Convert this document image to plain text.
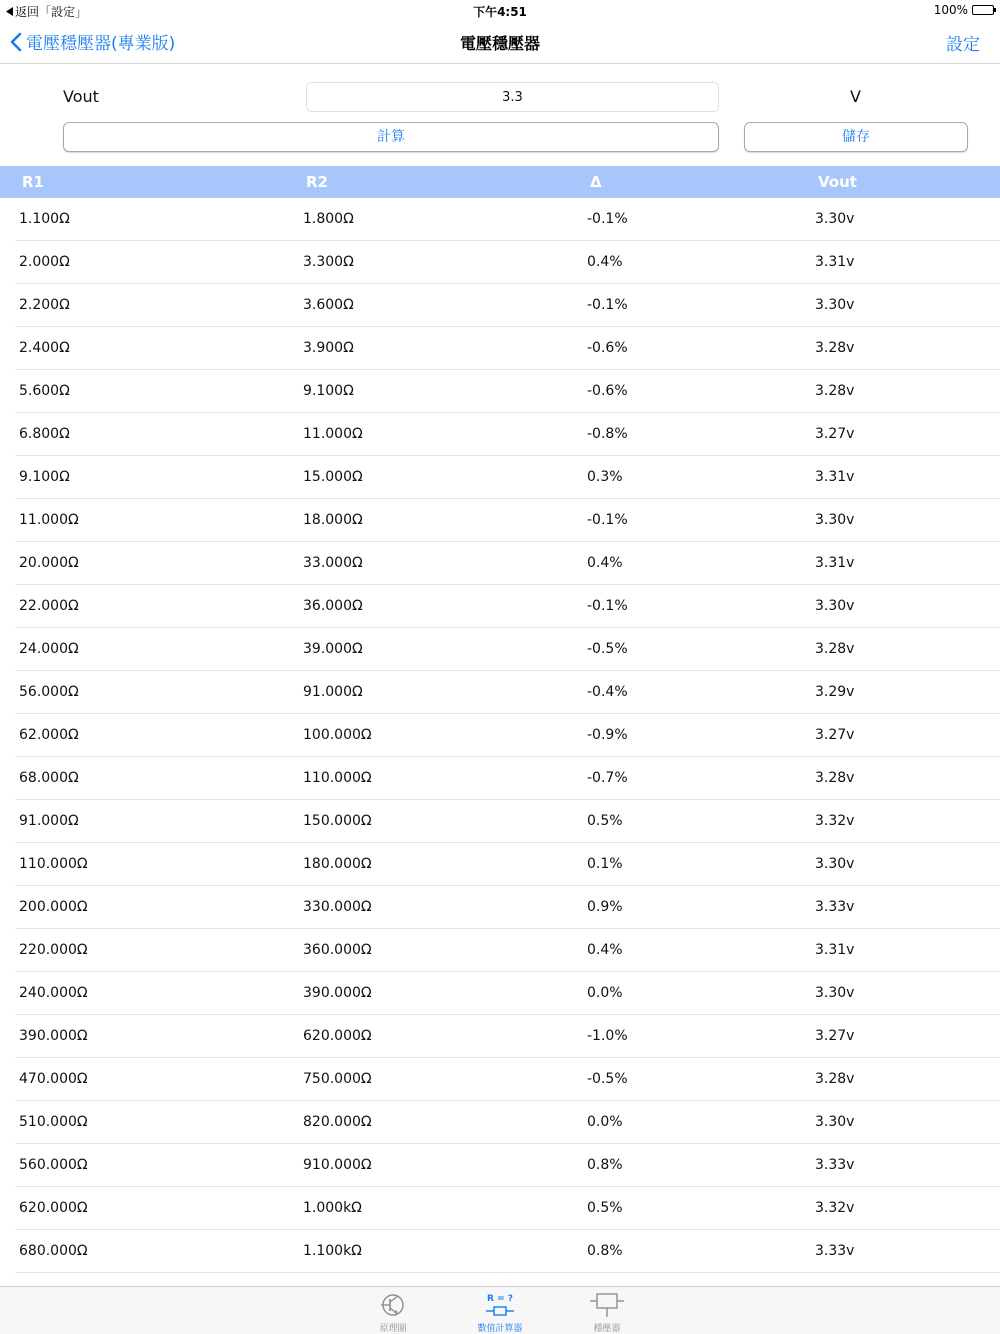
返回「設定」	下午4:51	100%
電壓穩壓器(專業版)	電壓穩壓器	設定
Vout
3.3	V
計算	儲存
R1	R2	Δ	Vout
1.100Ω	1.800Ω	-0.1%	3.30v
2.000Ω	3.300Ω	0.4%	3.31v
2.200Ω	3.600Ω	-0.1%	3.30v
2.400Ω	3.900Ω	-0.6%	3.28v
5.600Ω	9.100Ω	-0.6%	3.28v
6.800Ω	11.000Ω	-0.8%	3.27v
9.100Ω	15.000Ω	0.3%	3.31v
11.000Ω	18.000Ω	-0.1%	3.30v
20.000Ω	33.000Ω	0.4%	3.31v
22.000Ω	36.000Ω	-0.1%	3.30v
24.000Ω	39.000Ω	-0.5%	3.28v
56.000Ω	91.000Ω	-0.4%	3.29v
62.000Ω	100.000Ω	-0.9%	3.27v
68.000Ω	110.000Ω	-0.7%	3.28v
91.000Ω	150.000Ω	0.5%	3.32v
110.000Ω	180.000Ω	0.1%	3.30v
200.000Ω	330.000Ω	0.9%	3.33v
220.000Ω	360.000Ω	0.4%	3.31v
240.000Ω	390.000Ω	0.0%	3.30v
390.000Ω	620.000Ω	-1.0%	3.27v
470.000Ω	750.000Ω	-0.5%	3.28v
510.000Ω	820.000Ω	0.0%	3.30v
560.000Ω	910.000Ω	0.8%	3.33v
620.000Ω	1.000kΩ	0.5%	3.32v
680.000Ω	1.100kΩ	0.8%	3.33v
原理圖
R = ?
數值計算器	穩壓器
